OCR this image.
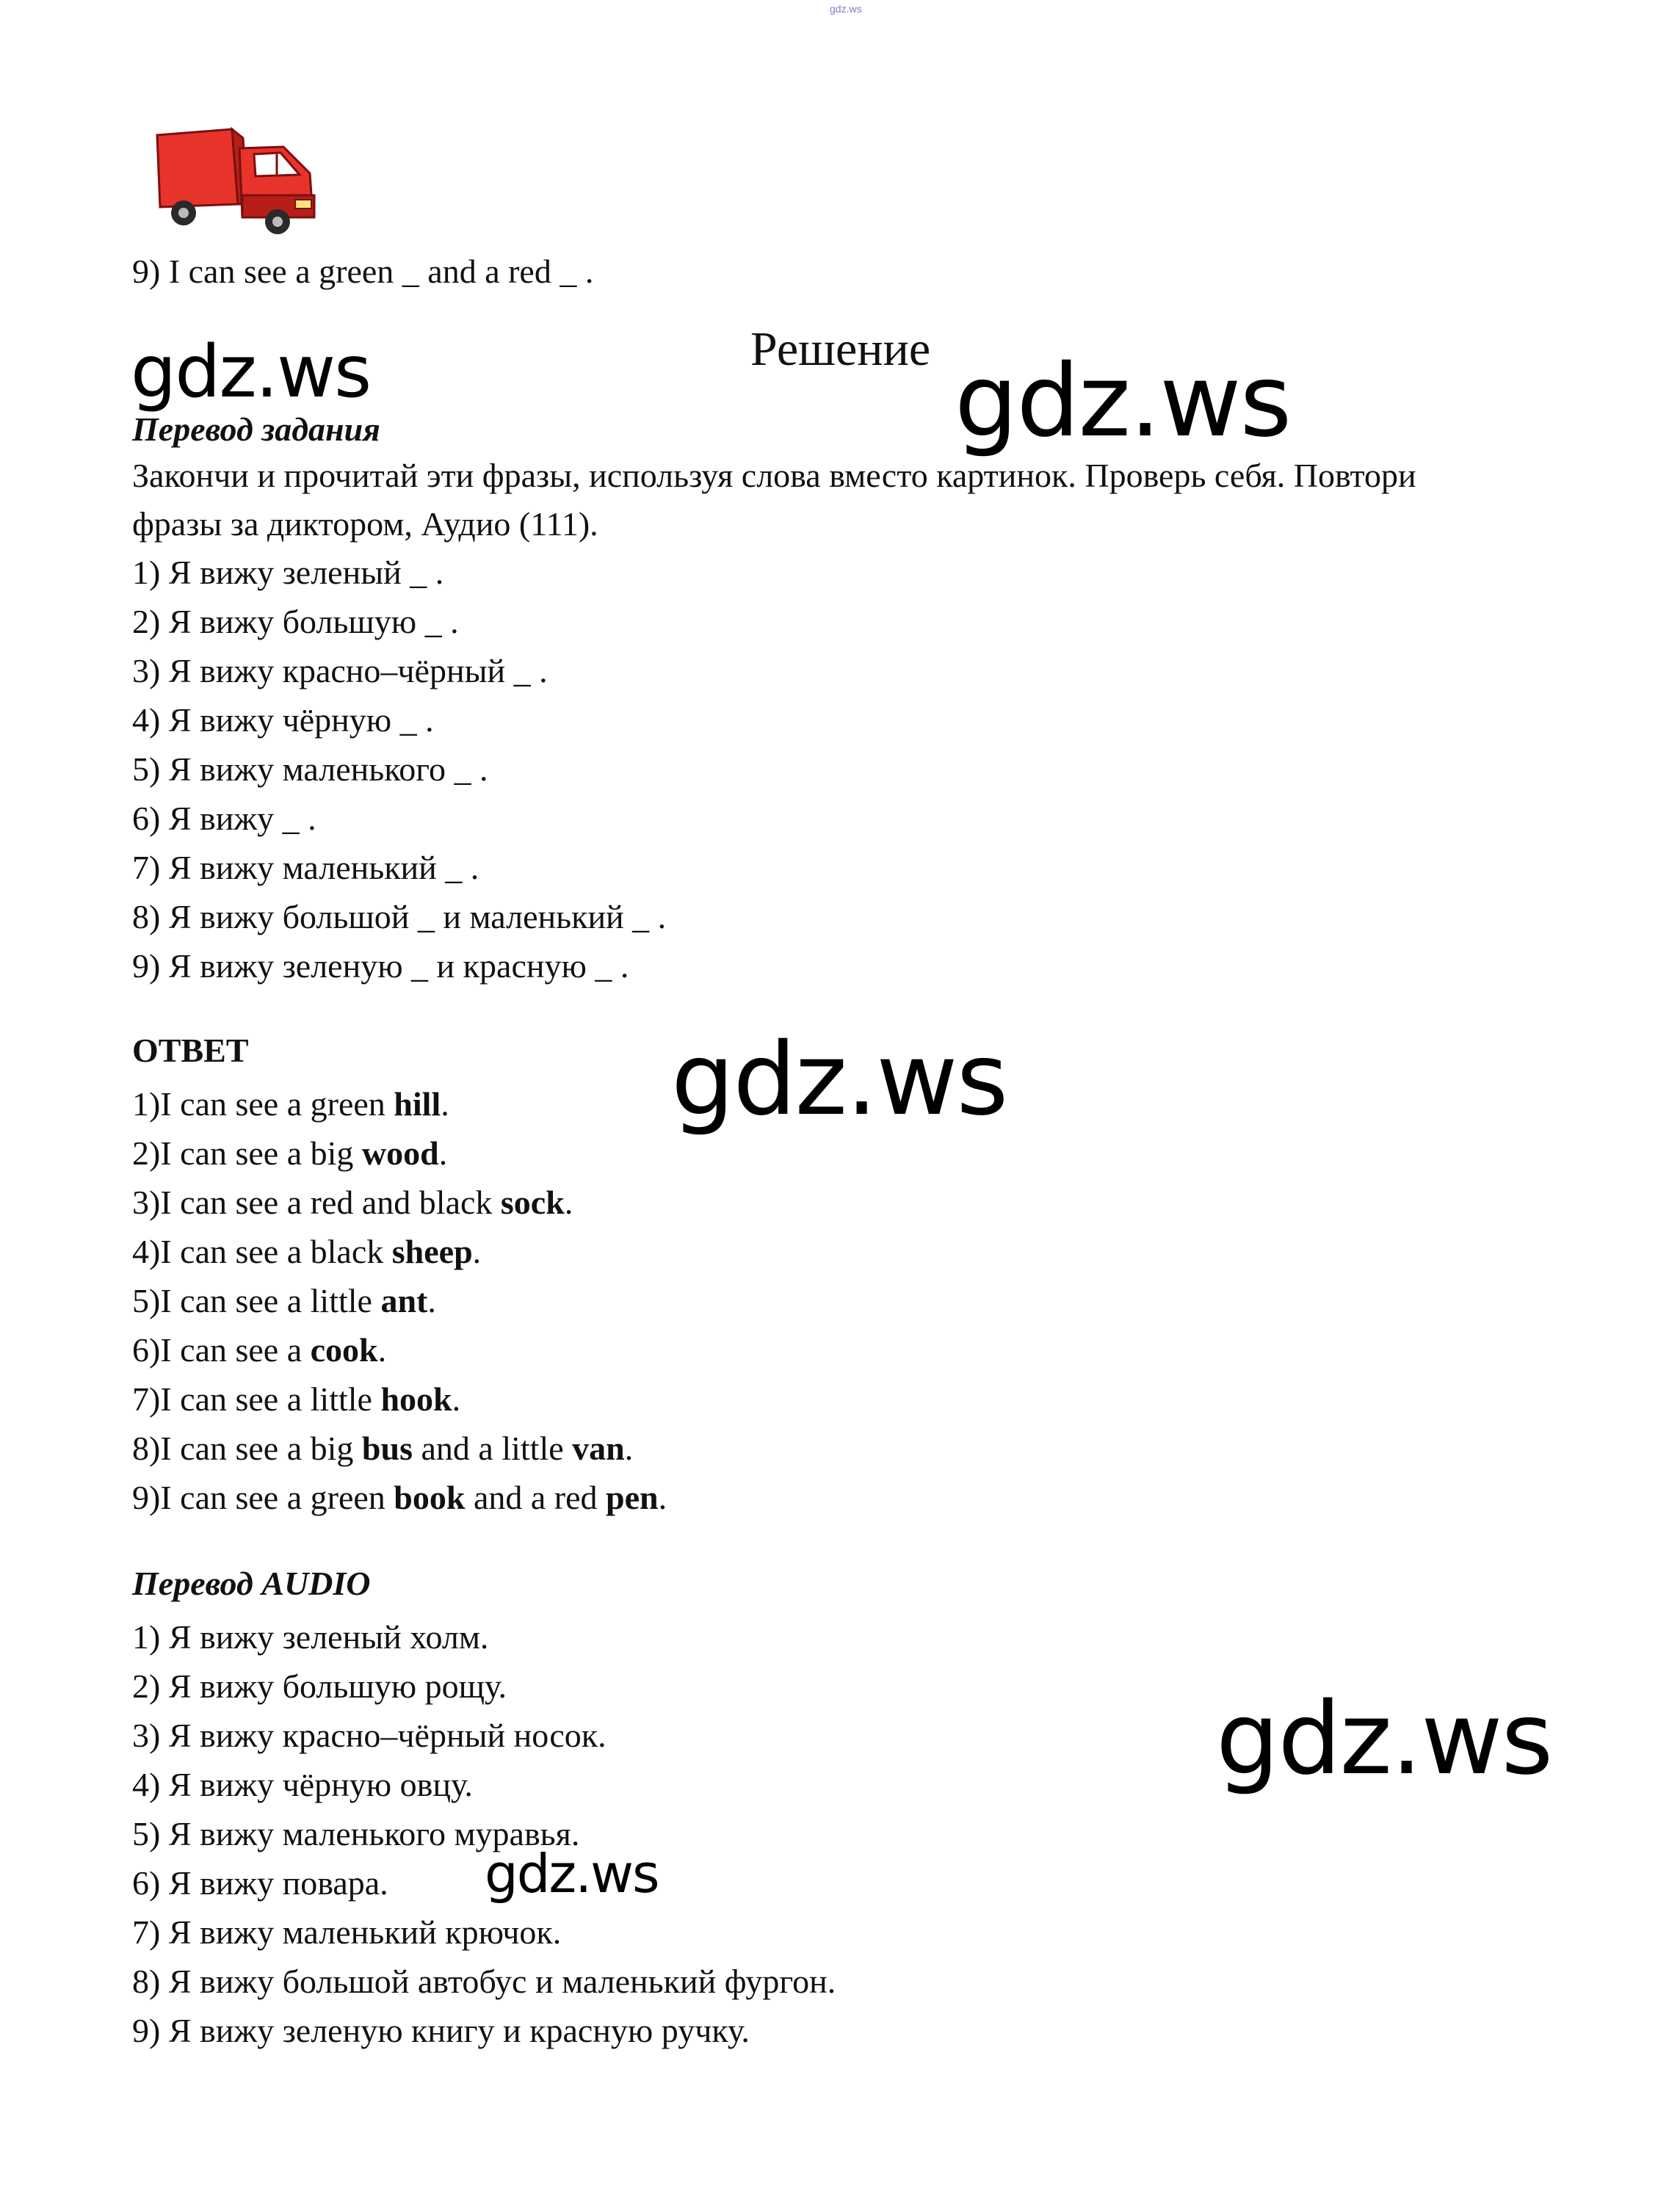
gdz.ws
9) I can see a green _ and a red _ .
gdz.ws	Решение gdz.ws
Перевод задания
Закончи и прочитай эти фразы, используя слова вместо картинок. Проверь себя. Повтори
фразы за диктором, Аудио (111).
1) Я вижу зеленый _ .
2) Я вижу большую _ .
3) Я вижу красно–чёрный _ .
4) Я вижу чёрную _ .
5) Я вижу маленького _ .
6) Я вижу _ .
7) Я вижу маленький _ .
8) Я вижу большой _ и маленький _ .
9) Я вижу зеленую _ и красную _ .
ОТВЕТ	gdz.ws
1)I can see a green hill.
2)I can see a big wood.
3)I can see a red and black sock.
4)I can see a black sheep.
5)I can see a little ant.
6)I can see a cook.
7)I can see a little hook.
8)I can see a big bus and a little van.
9)I can see a green book and a red pen.
Перевод AUDIO
1) Я вижу зеленый холм.
2) Я вижу большую рощу.
3) Я вижу красно–чёрный носок.
4) Я вижу чёрную овцу.
5) Я вижу маленького муравья.
6) Я вижу повара.
7) Я вижу маленький крючок.
8) Я вижу большой автобус и маленький фургон.
9) Я вижу зеленую книгу и красную ручку.
gdz.ws
gdz.ws
